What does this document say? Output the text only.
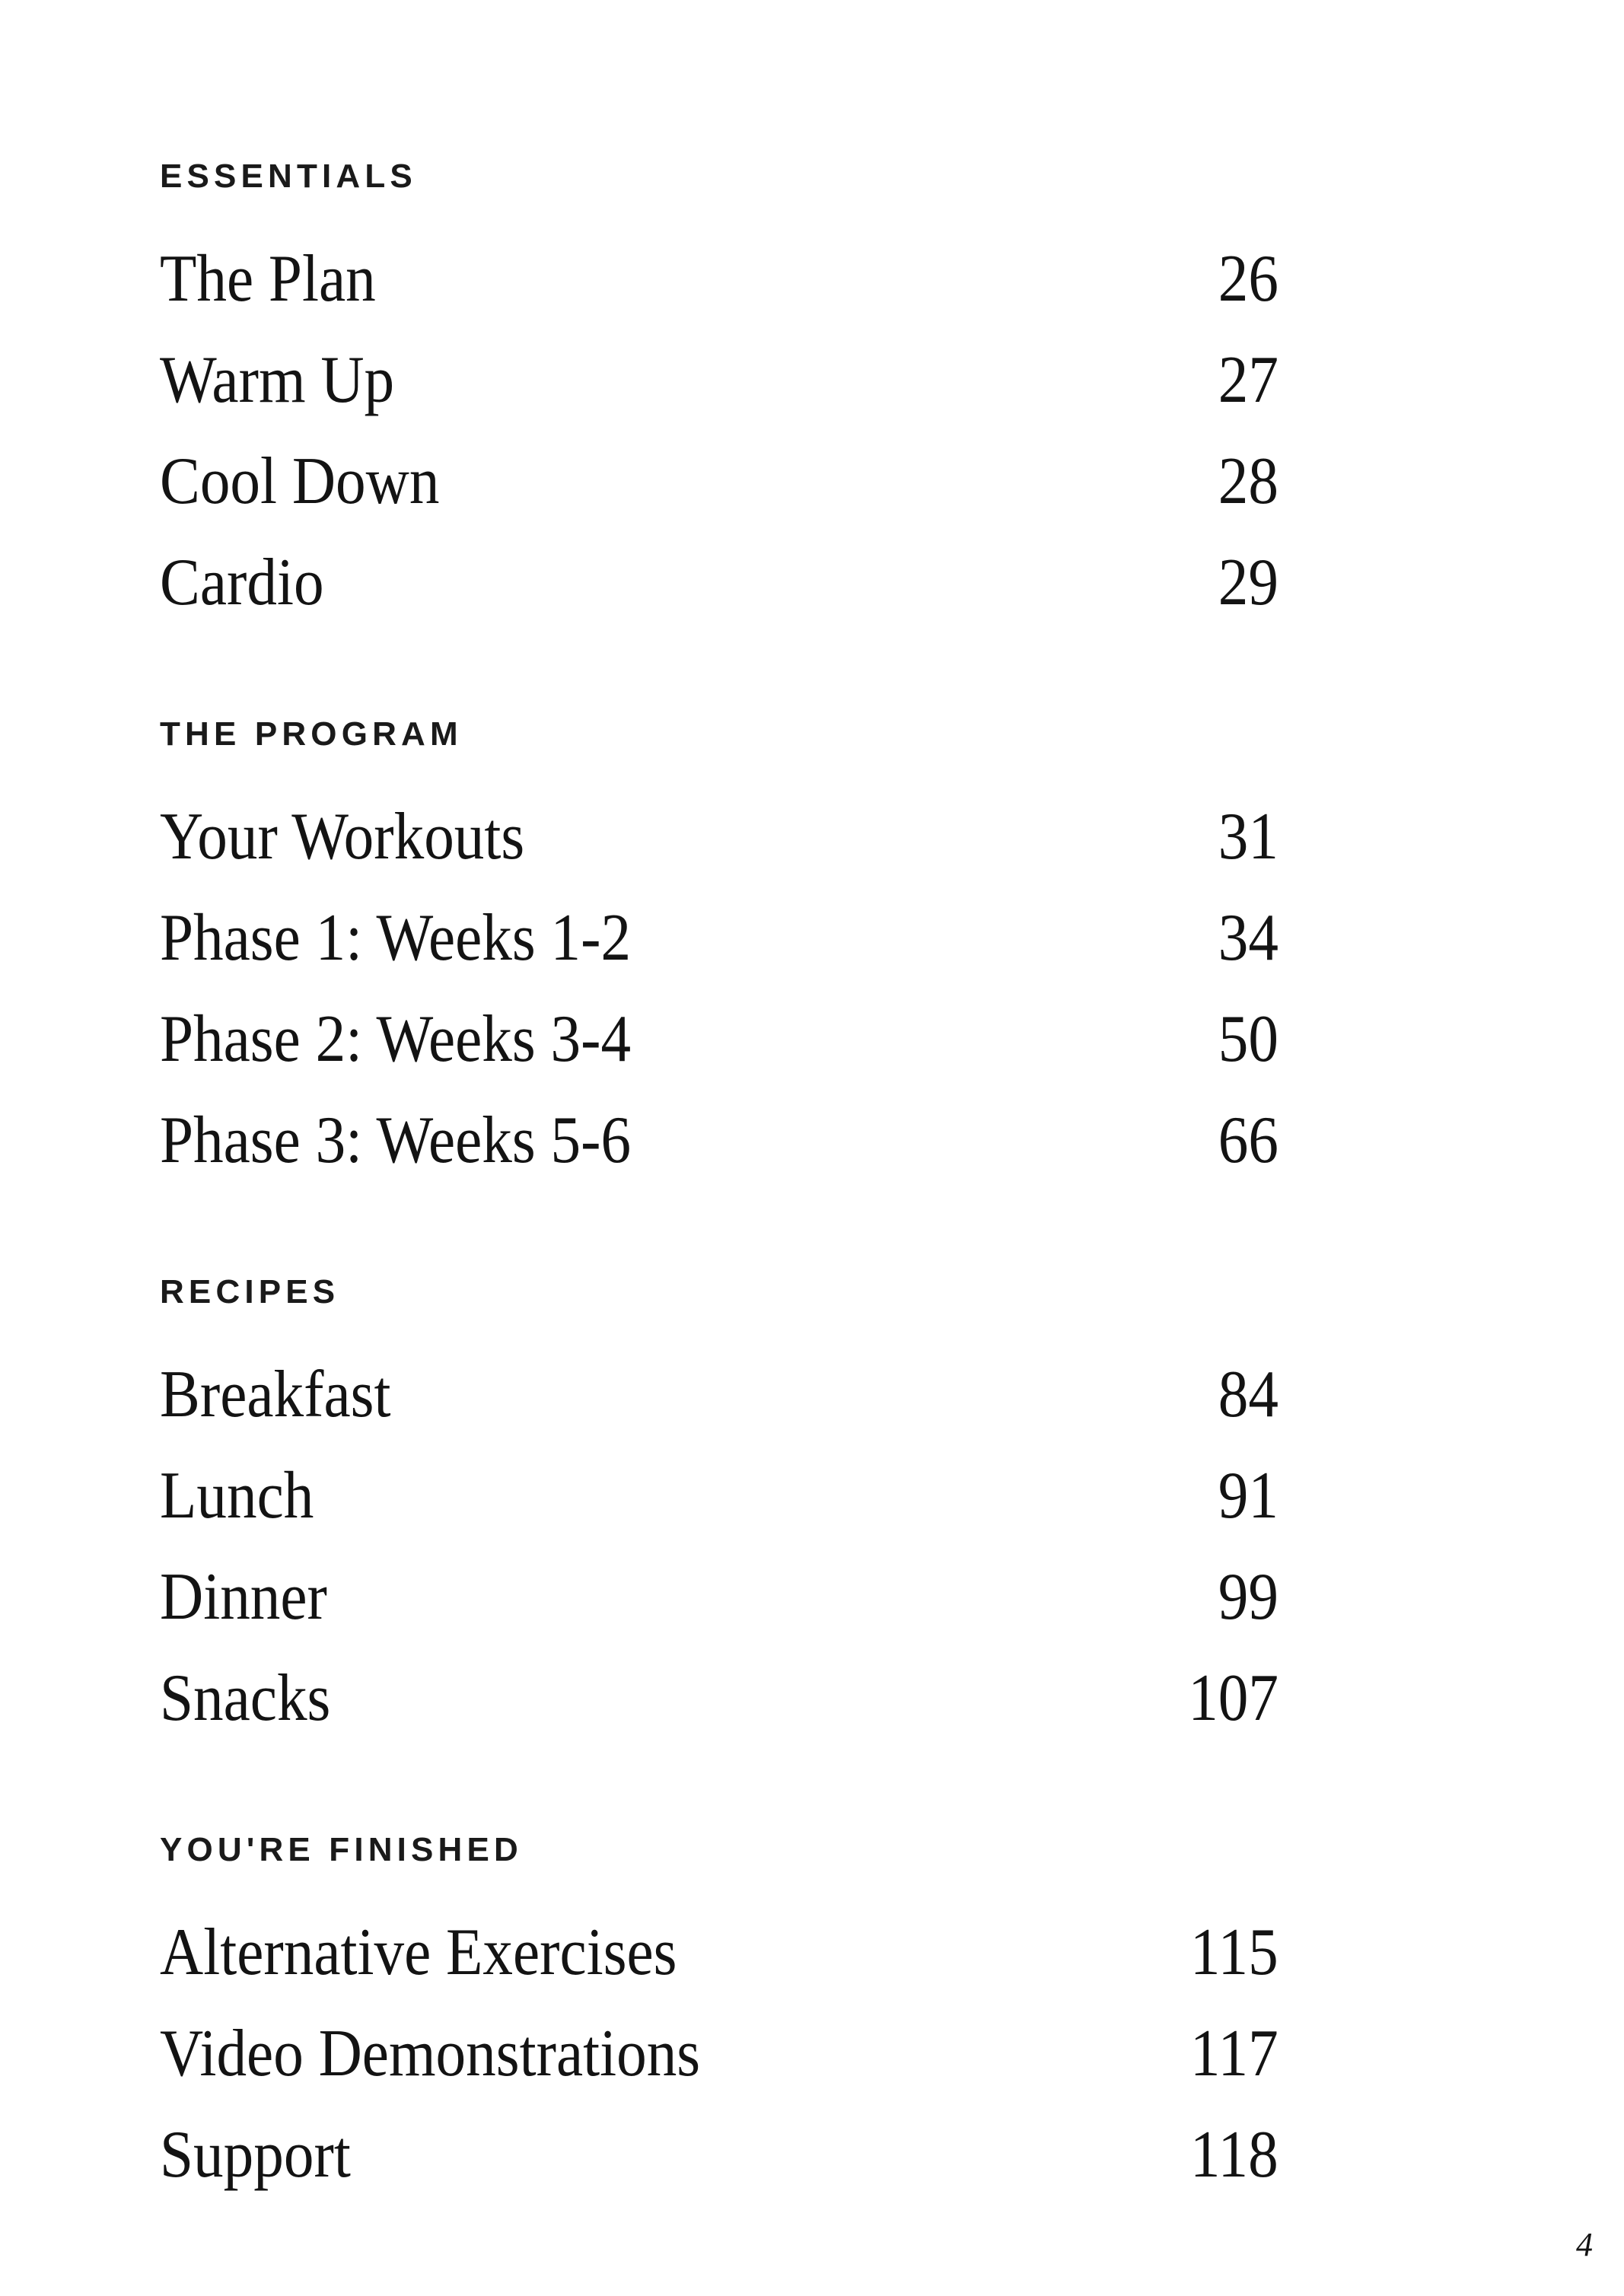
ESSENTIALS
The Plan	26
Warm Up	27
Cool Down	28
Cardio	29
THE PROGRAM
Your Workouts	31
Phase 1: Weeks 1-2	34
Phase 2: Weeks 3-4	50
Phase 3: Weeks 5-6	66
RECIPES
Breakfast	84
Lunch	91
Dinner	99
Snacks	107
YOU'RE FINISHED
Alternative Exercises	115
Video Demonstrations	117
Support	118
4
